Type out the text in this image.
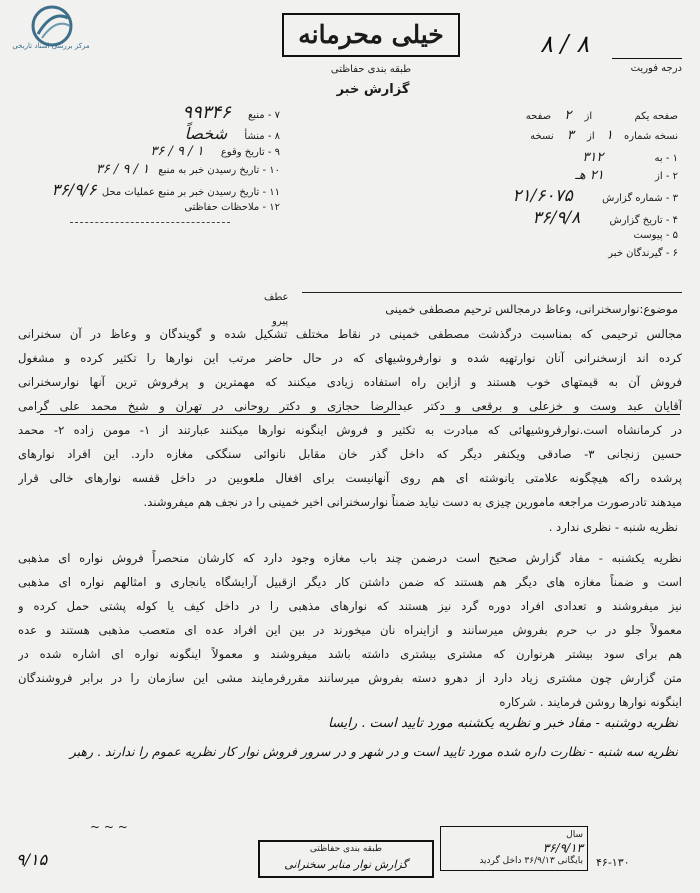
مرکز بررسی اسناد تاریخی	خیلی محرمانه
طبقه بندی حفاظتی
گزارش خبر
۸ / ۸
درجه فوریت
صفحه یکم  از ۲ صفحه
نسخه شماره ۱ از ۳ نسخه
۱ - به ۳۱۲
۲ - از ۲۱ هـ
۳ - شماره گزارش ۲۱/۶۰۷۵
۴ - تاریخ گزارش ۳۶/۹/۸
۵ - پیوست
۶ - گیرندگان خبر
۷ - منبع ۹۹۳۴۶
۸ - منشأ شخصاً
۹ - تاریخ وقوع ۱ / ۹ / ۳۶
۱۰ - تاریخ رسیدن خبر به منبع ۱ / ۹ / ۳۶
۱۱ - تاریخ رسیدن خبر بر منبع عملیات محل ۳۶/۹/۶
۱۲ - ملاحظات حفاظتی
عطف
پیرو
موضوع:نوارسخنرانی، وعاظ درمجالس ترحیم مصطفی خمینی
مجالس ترحیمی که بمناسبت درگذشت مصطفی خمینی در نقاط مختلف تشکیل شده و گویندگان و وعاظ در آن سخنرانی
کرده اند ازسخنرانی آنان نوارتهیه شده و نوارفروشیهای که در حال حاضر مرتب این نوارها را تکثیر کرده و مشغول
فروش آن به قیمتهای خوب هستند و ازاین راه استفاده زیادی میکنند که مهمترین و پرفروش ترین آنها نوارسخنرانی
آقایان عبد وست و خزعلی و برقعی و دکتر عبدالرضا حجازی و دکتر روحانی در تهران و شیخ محمد علی گرامی
در کرمانشاه است.نوارفروشیهائی که مبادرت به تکثیر و فروش اینگونه نوارها میکنند عبارتند از ۱- مومن زاده ۲- محمد
حسین زنجانی ۳- صادقی ویکنفر دیگر که داخل گذر خان مقابل نانوائی سنگکی مغازه دارد. این افراد نوارهای
پرشده راکه هیچگونه علامتی یانوشته ای هم روی آنهانیست برای افغال ملعوبین در داخل قفسه نوارهای خالی قرار
میدهند تادرصورت مراجعه مامورین چیزی به دست نیاید ضمناً نوارسخنرانی اخیر خمینی را در نجف هم میفروشند.
نظریه شنبه - نظری ندارد .
نظریه یکشنبه - مفاد گزارش صحیح است درضمن چند باب مغازه وجود دارد که کارشان منحصراً فروش نواره ای مذهبی
است و ضمناً مغازه های دیگر هم هستند که ضمن داشتن کار دیگر ازقبیل آرایشگاه یانجاری و امثالهم نواره ای مذهبی
نیز میفروشند و تعدادی افراد دوره گرد نیز هستند که نوارهای مذهبی را در داخل کیف یا کوله پشتی حمل کرده و
معمولاً جلو در ب حرم بفروش میرسانند و ازاینراه نان میخورند در بین این افراد عده ای متعصب مذهبی هستند و عده
هم برای سود بیشتر هرنوارن که مشتری بیشتری داشته باشد میفروشند و معمولاً اینگونه نواره ای اشاره شده در
متن گزارش چون مشتری زیاد دارد از دهرو دسته بفروش میرسانند مقررفرمایند مشی این سازمان را در برابر فروشندگان
اینگونه نوارها روشن فرمایند . شرکاره
نظریه دوشنبه - مفاد خبر و نظریه یکشنبه مورد تایید است . رایسا
نظریه سه شنبه - نظارت داره شده مورد تایید است و در شهر و در سرور فروش نوار کار نظریه عموم را ندارند . رهبر
۹/۱۵
~ ~ ~
طبقه بندی حفاظتی
گزارش نوار منابر سخنرانی
سال
۳۶/۹/۱۳
بایگانی ۳۶/۹/۱۳ داخل گردید ۴۶-۱۳۰
